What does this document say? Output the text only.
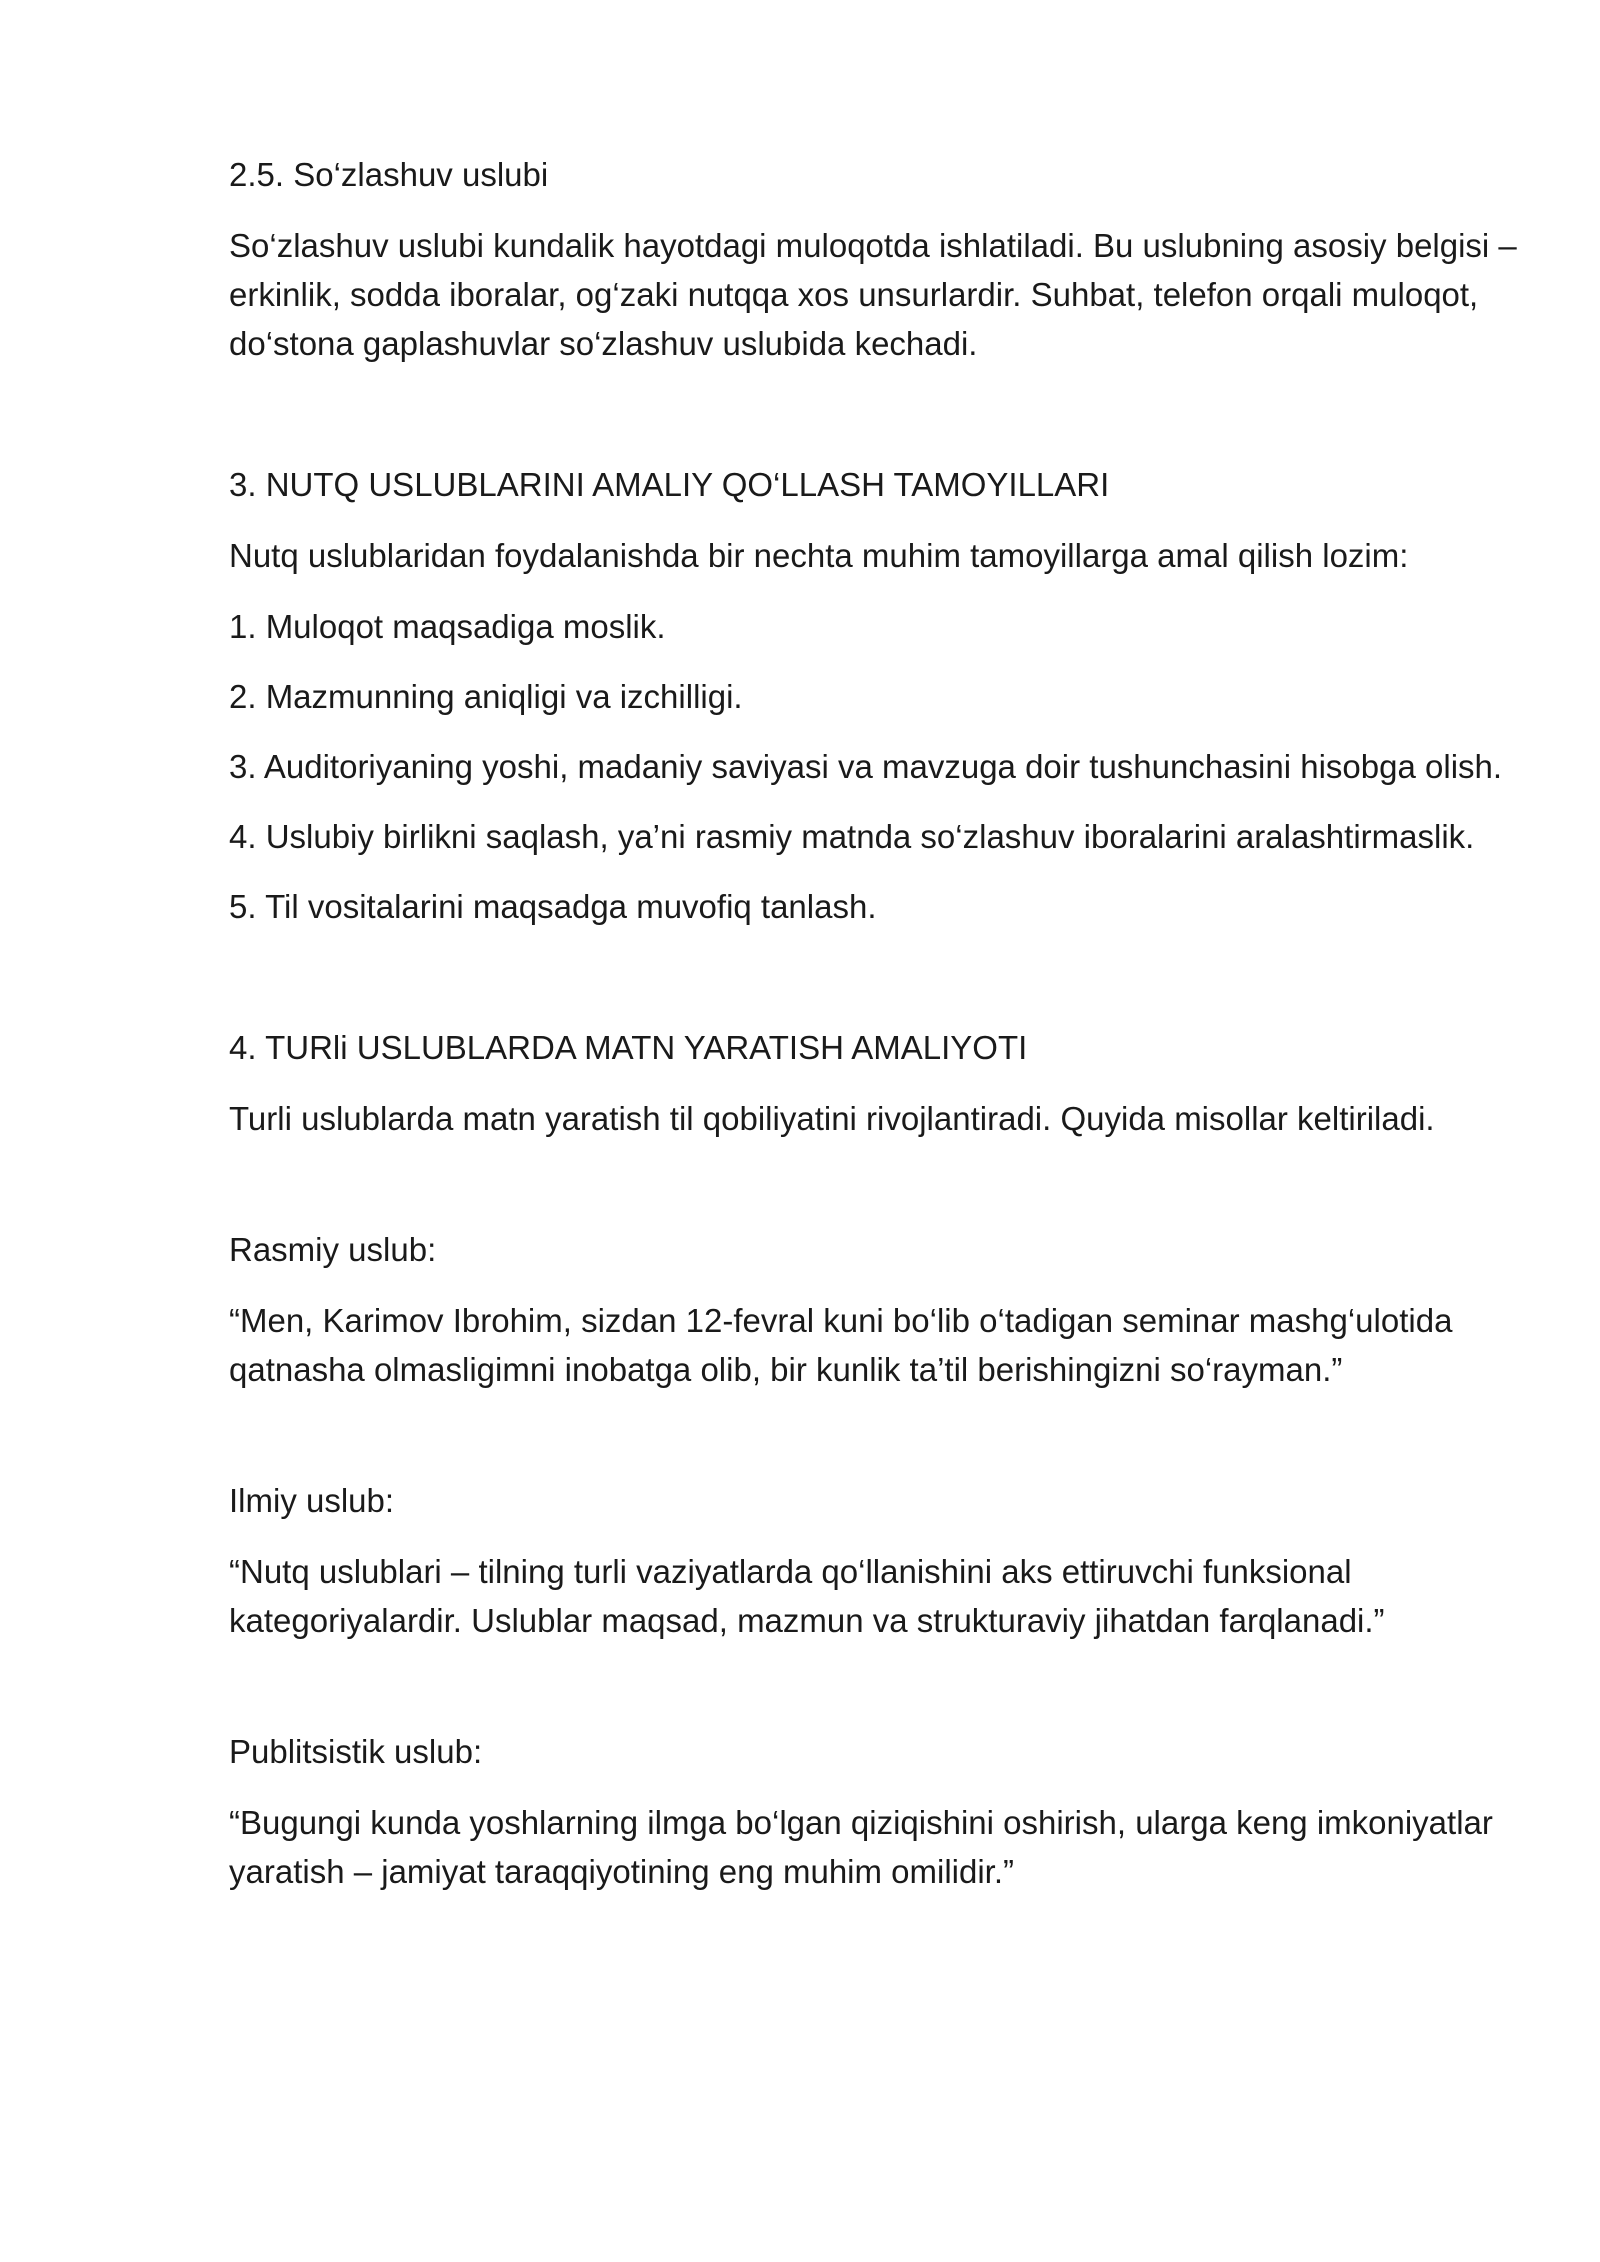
2.5. So‘zlashuv uslubi

So‘zlashuv uslubi kundalik hayotdagi muloqotda ishlatiladi. Bu uslubning asosiy belgisi – erkinlik, sodda iboralar, og‘zaki nutqqa xos unsurlardir. Suhbat, telefon orqali muloqot, do‘stona gaplashuvlar so‘zlashuv uslubida kechadi.

3. NUTQ USLUBLARINI AMALIY QO‘LLASH TAMOYILLARI

Nutq uslublaridan foydalanishda bir nechta muhim tamoyillarga amal qilish lozim:

1. Muloqot maqsadiga moslik.

2. Mazmunning aniqligi va izchilligi.

3. Auditoriyaning yoshi, madaniy saviyasi va mavzuga doir tushunchasini hisobga olish.

4. Uslubiy birlikni saqlash, ya’ni rasmiy matnda so‘zlashuv iboralarini aralashtirmaslik.

5. Til vositalarini maqsadga muvofiq tanlash.

4. TURli USLUBLARDA MATN YARATISH AMALIYOTI

Turli uslublarda matn yaratish til qobiliyatini rivojlantiradi. Quyida misollar keltiriladi.

Rasmiy uslub:

“Men, Karimov Ibrohim, sizdan 12-fevral kuni bo‘lib o‘tadigan seminar mashg‘ulotida qatnasha olmasligimni inobatga olib, bir kunlik ta’til berishingizni so‘rayman.”

Ilmiy uslub:

“Nutq uslublari – tilning turli vaziyatlarda qo‘llanishini aks ettiruvchi funksional kategoriyalardir. Uslublar maqsad, mazmun va strukturaviy jihatdan farqlanadi.”

Publitsistik uslub:

“Bugungi kunda yoshlarning ilmga bo‘lgan qiziqishini oshirish, ularga keng imkoniyatlar yaratish – jamiyat taraqqiyotining eng muhim omilidir.”
